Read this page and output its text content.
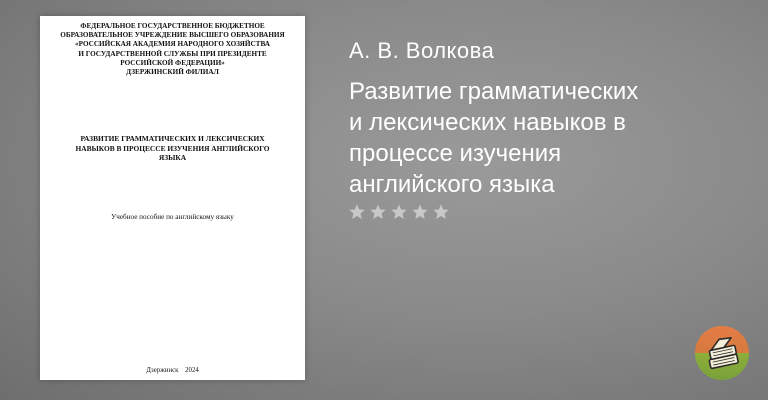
ФЕДЕРАЛЬНОЕ ГОСУДАРСТВЕННОЕ БЮДЖЕТНОЕ
ОБРАЗОВАТЕЛЬНОЕ УЧРЕЖДЕНИЕ ВЫСШЕГО ОБРАЗОВАНИЯ
«РОССИЙСКАЯ АКАДЕМИЯ НАРОДНОГО ХОЗЯЙСТВА
И ГОСУДАРСТВЕННОЙ СЛУЖБЫ ПРИ ПРЕЗИДЕНТЕ
РОССИЙСКОЙ ФЕДЕРАЦИИ»
ДЗЕРЖИНСКИЙ ФИЛИАЛ
РАЗВИТИЕ ГРАММАТИЧЕСКИХ И ЛЕКСИЧЕСКИХ
НАВЫКОВ В ПРОЦЕССЕ ИЗУЧЕНИЯ АНГЛИЙСКОГО
ЯЗЫКА
Учебное пособие по английскому языку
Дзержинск 2024
А. В. Волкова
Развитие грамматических
и лексических навыков в
процессе изучения
английского языка
